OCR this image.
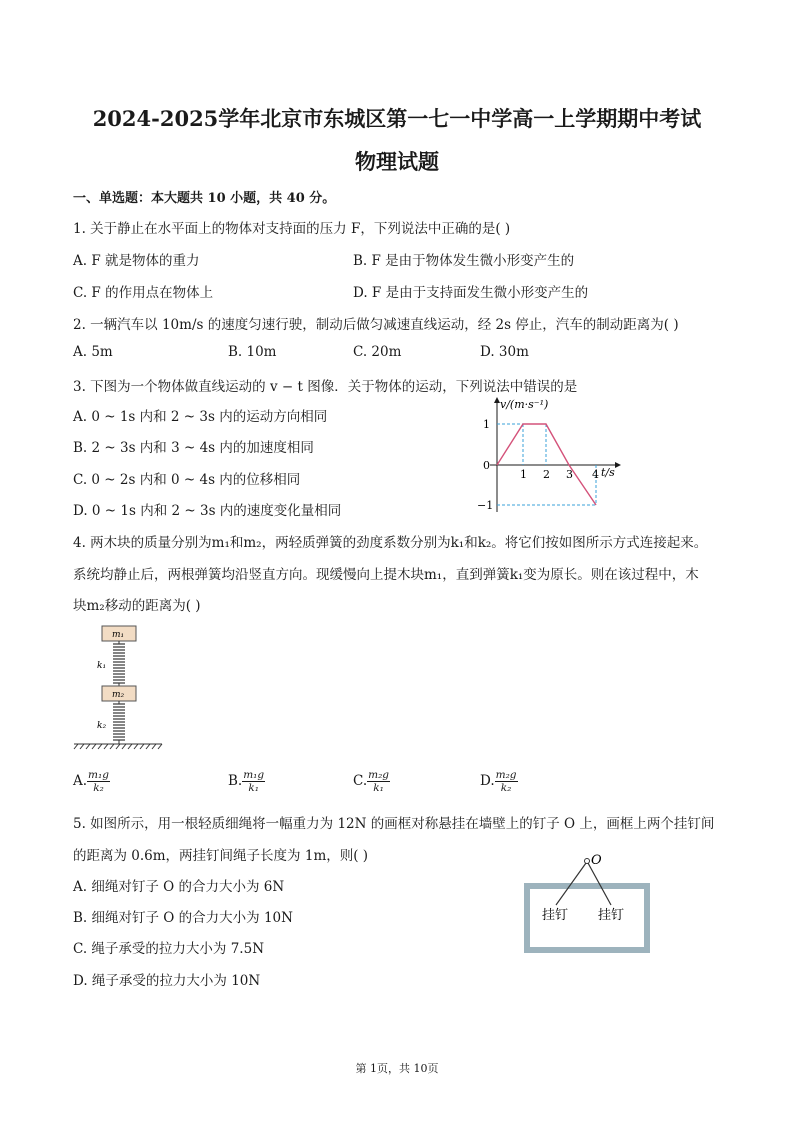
2024-2025学年北京市东城区第一七一中学高一上学期期中考试
物理试题
一、单选题：本大题共 10 小题，共 40 分。
1. 关于静止在水平面上的物体对支持面的压力 F，下列说法中正确的是( )
A. F 就是物体的重力	B. F 是由于物体发生微小形变产生的
C. F 的作用点在物体上	D. F 是由于支持面发生微小形变产生的
2. 一辆汽车以 10m/s 的速度匀速行驶，制动后做匀减速直线运动，经 2s 停止，汽车的制动距离为( )
A. 5m	B. 10m	C. 20m	D. 30m
3. 下图为一个物体做直线运动的 v − t 图像．关于物体的运动，下列说法中错误的是
A. 0 ~ 1s 内和 2 ~ 3s 内的运动方向相同
B. 2 ~ 3s 内和 3 ~ 4s 内的加速度相同
C. 0 ~ 2s 内和 0 ~ 4s 内的位移相同
D. 0 ~ 1s 内和 2 ~ 3s 内的速度变化量相同
v/(m·s⁻¹)
t/s
1
0
−1
1 2 3 4
4. 两木块的质量分别为m₁和m₂，两轻质弹簧的劲度系数分别为k₁和k₂。将它们按如图所示方式连接起来。
系统均静止后，两根弹簧均沿竖直方向。现缓慢向上提木块m₁，直到弹簧k₁变为原长。则在该过程中，木
块m₂移动的距离为( )
m₁
k₁
m₂
k₂
A. $\frac{\text{m₁g}}{\text{k₂}}$	B. $\frac{\text{m₁g}}{\text{k₁}}$	C. $\frac{\text{m₂g}}{\text{k₁}}$	D. $\frac{\text{m₂g}}{\text{k₂}}$
5. 如图所示，用一根轻质细绳将一幅重力为 12N 的画框对称悬挂在墙壁上的钉子 O 上，画框上两个挂钉间
的距离为 0.6m，两挂钉间绳子长度为 1m，则( )
A. 细绳对钉子 O 的合力大小为 6N
B. 细绳对钉子 O 的合力大小为 10N
C. 绳子承受的拉力大小为 7.5N
D. 绳子承受的拉力大小为 10N
O
挂钉 挂钉
第 1页，共 10页
